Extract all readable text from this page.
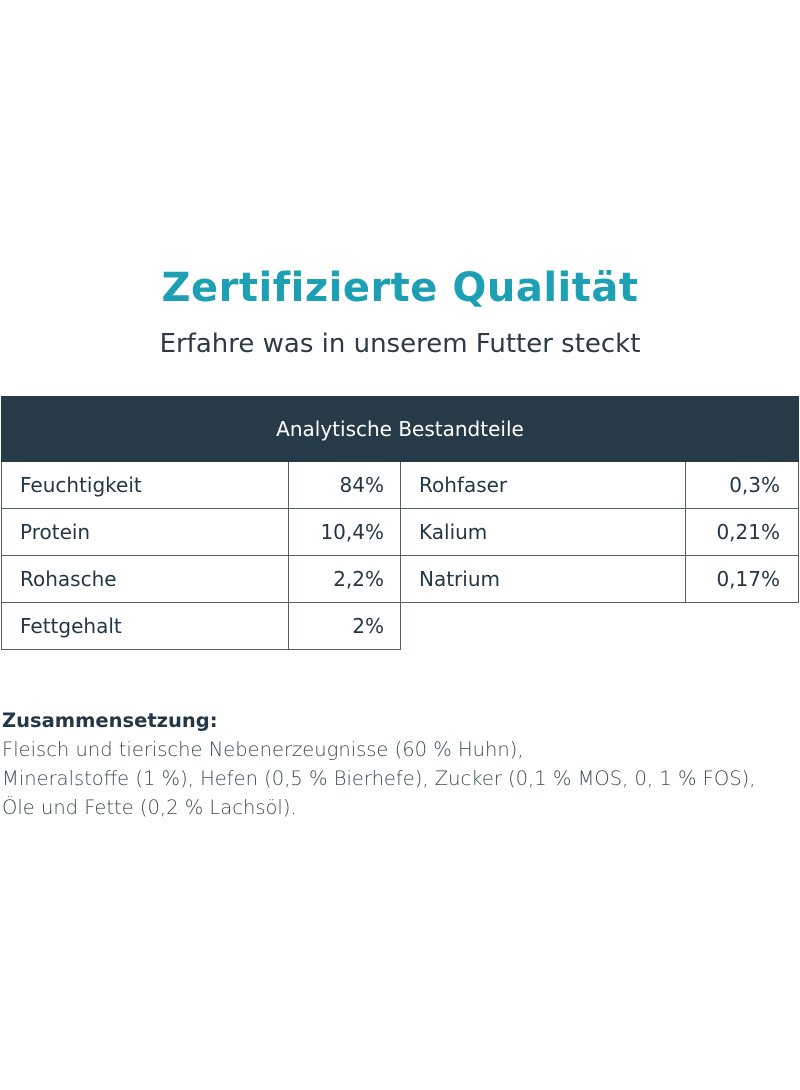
Zertifizierte Qualität
Erfahre was in unserem Futter steckt
Analytische Bestandteile
Feuchtigkeit	84%	Rohfaser	0,3%
Protein	10,4%	Kalium	0,21%
Rohasche	2,2%	Natrium	0,17%
Fettgehalt	2%
Zusammensetzung:
Fleisch und tierische Nebenerzeugnisse (60 % Huhn),
Mineralstoffe (1 %), Hefen (0,5 % Bierhefe), Zucker (0,1 % MOS, 0, 1 % FOS),
Öle und Fette (0,2 % Lachsöl).
